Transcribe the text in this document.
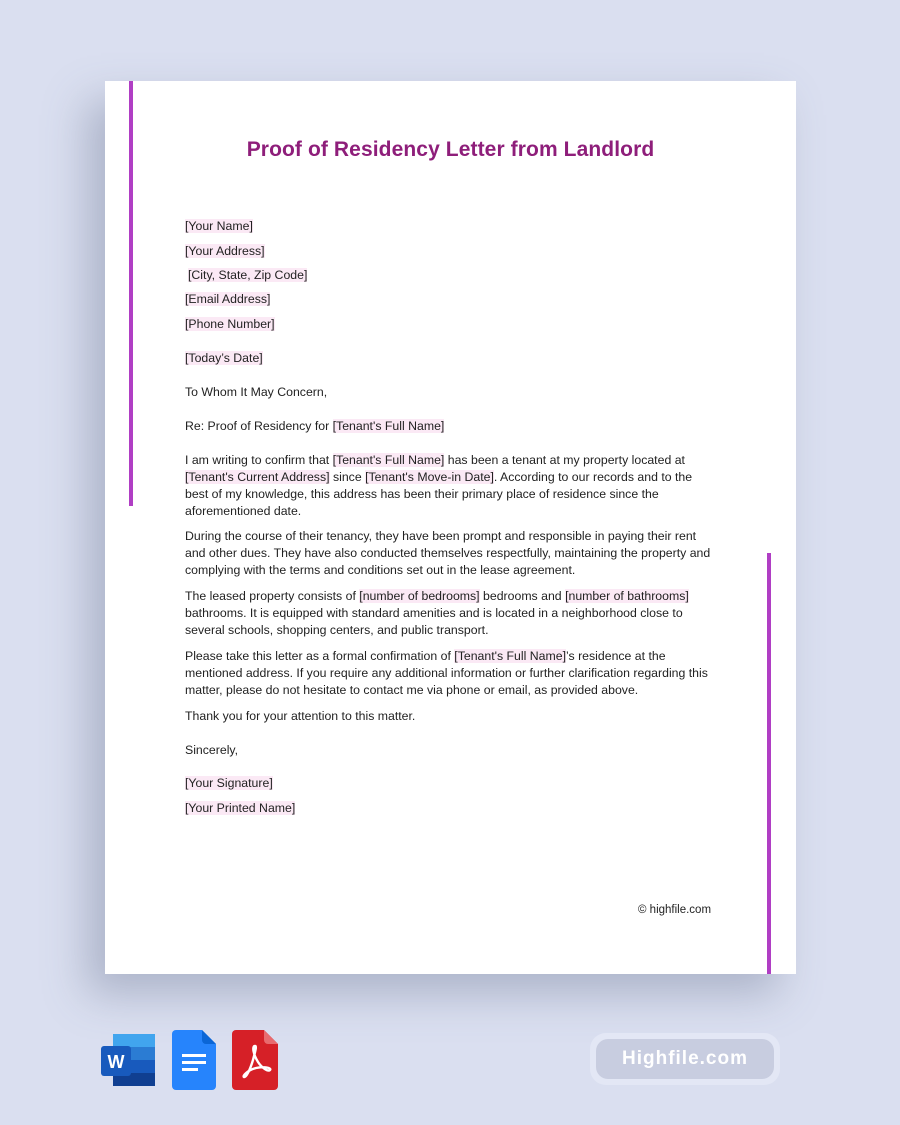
Proof of Residency Letter from Landlord
[Your Name]
[Your Address]
[City, State, Zip Code]
[Email Address]
[Phone Number]
[Today’s Date]
To Whom It May Concern,
Re: Proof of Residency for [Tenant's Full Name]
I am writing to confirm that [Tenant's Full Name] has been a tenant at my property located at [Tenant's Current Address] since [Tenant's Move-in Date]. According to our records and to the best of my knowledge, this address has been their primary place of residence since the aforementioned date.
During the course of their tenancy, they have been prompt and responsible in paying their rent and other dues. They have also conducted themselves respectfully, maintaining the property and complying with the terms and conditions set out in the lease agreement.
The leased property consists of [number of bedrooms] bedrooms and [number of bathrooms] bathrooms. It is equipped with standard amenities and is located in a neighborhood close to several schools, shopping centers, and public transport.
Please take this letter as a formal confirmation of [Tenant's Full Name]’s residence at the mentioned address. If you require any additional information or further clarification regarding this matter, please do not hesitate to contact me via phone or email, as provided above.
Thank you for your attention to this matter.
Sincerely,
[Your Signature]
[Your Printed Name]
© highfile.com
W	Highfile.com
